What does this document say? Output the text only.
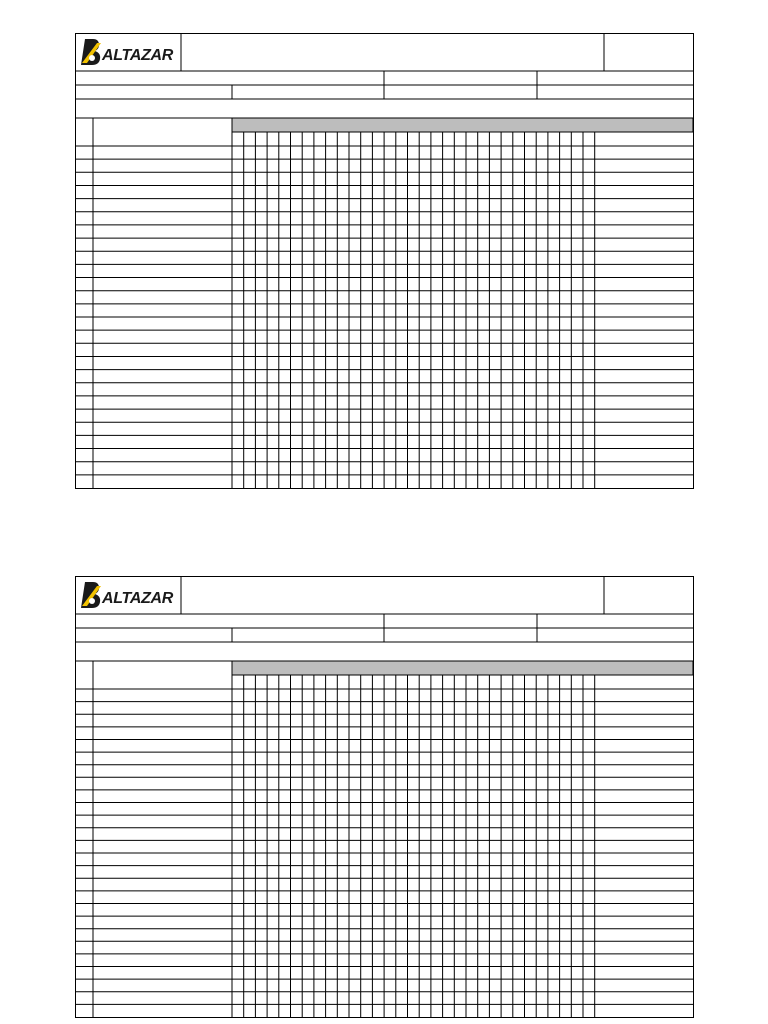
ALTAZAR
ALTAZAR
